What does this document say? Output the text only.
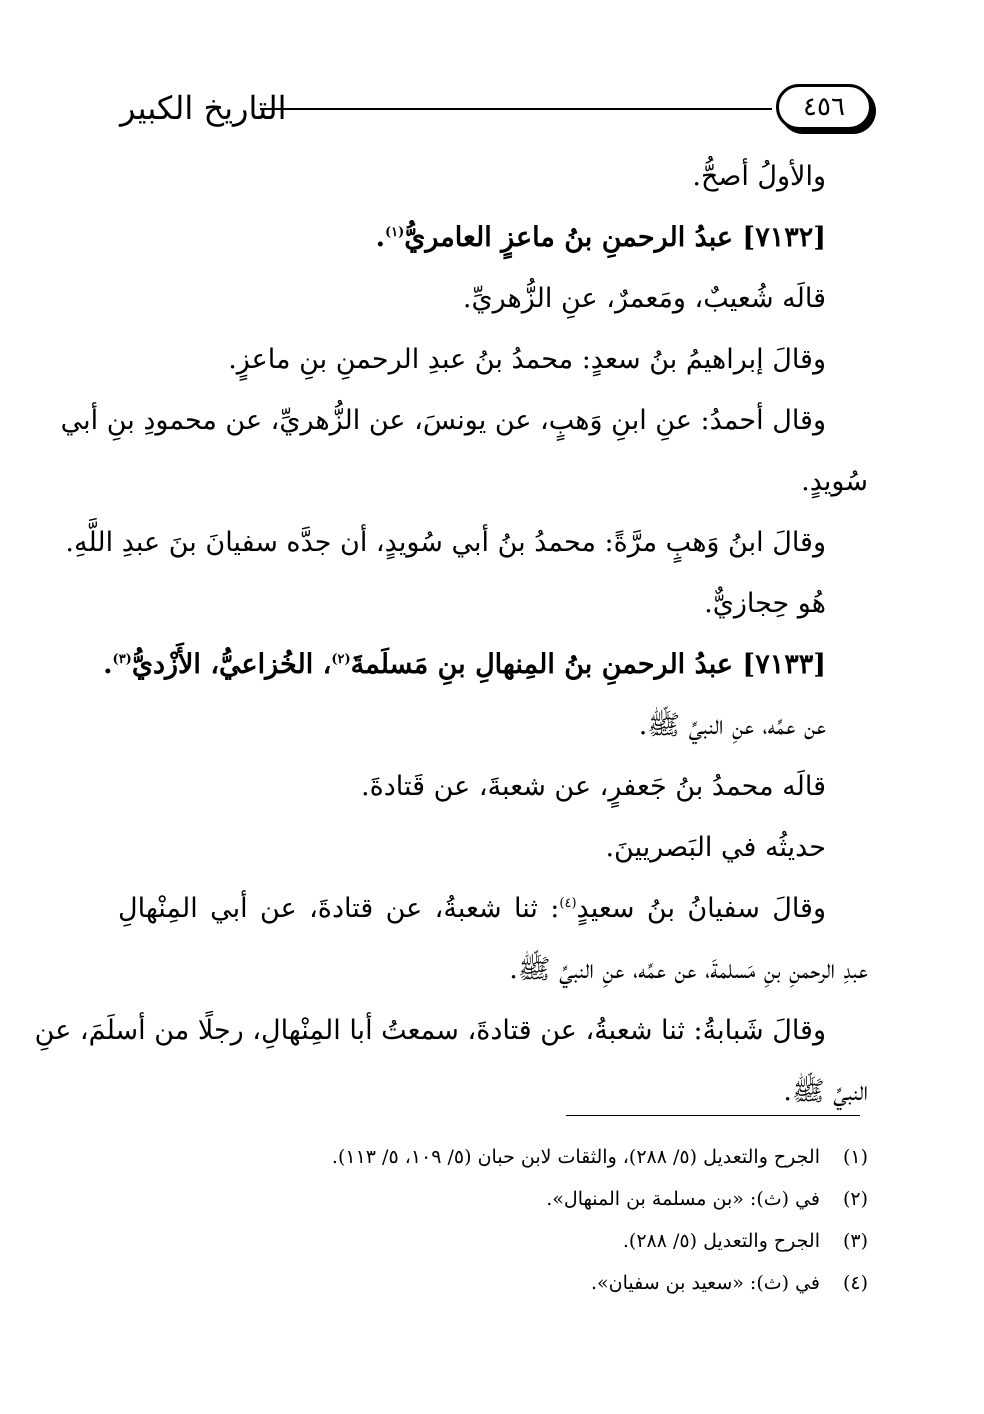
التاريخ الكبير	٤٥٦
والأولُ أصحُّ.
[٧١٣٢] عبدُ الرحمنِ بنُ ماعزٍ العامريُّ$^{(١)}$.
قالَه شُعيبٌ، ومَعمرٌ، عنِ الزُّهريِّ.
وقالَ إبراهيمُ بنُ سعدٍ: محمدُ بنُ عبدِ الرحمنِ بنِ ماعزٍ.
وقال أحمدُ: عنِ ابنِ وَهبٍ، عن يونسَ، عن الزُّهريِّ، عن محمودِ بنِ أبي
سُويدٍ.
وقالَ ابنُ وَهبٍ مرَّةً: محمدُ بنُ أبي سُويدٍ، أن جدَّه سفيانَ بنَ عبدِ اللَّهِ.
هُو حِجازيٌّ.
[٧١٣٣] عبدُ الرحمنِ بنُ المِنهالِ بنِ مَسلَمةَ$^{(٢)}$، الخُزاعيُّ، الأَزْديُّ$^{(٣)}$.
عن عمِّه، عنِ النبيِّ ﷺ.
قالَه محمدُ بنُ جَعفرٍ، عن شعبةَ، عن قَتادةَ.
حديثُه في البَصريينَ.
وقالَ سفيانُ بنُ سعيدٍ$^{(٤)}$: ثنا شعبةُ، عن قتادةَ، عن أبي المِنْهالِ
عبدِ الرحمنِ بنِ مَسلمةَ، عن عمِّه، عنِ النبيِّ ﷺ.
وقالَ شَبابةُ: ثنا شعبةُ، عن قتادةَ، سمعتُ أبا المِنْهالِ، رجلًا من أسلَمَ، عنِ
النبيِّ ﷺ.
(١)الجرح والتعديل (٥/ ٢٨٨)، والثقات لابن حبان (٥/ ١٠٩، ٥/ ١١٣).
(٢)في (ث): «بن مسلمة بن المنهال».
(٣)الجرح والتعديل (٥/ ٢٨٨).
(٤)في (ث): «سعيد بن سفيان».
